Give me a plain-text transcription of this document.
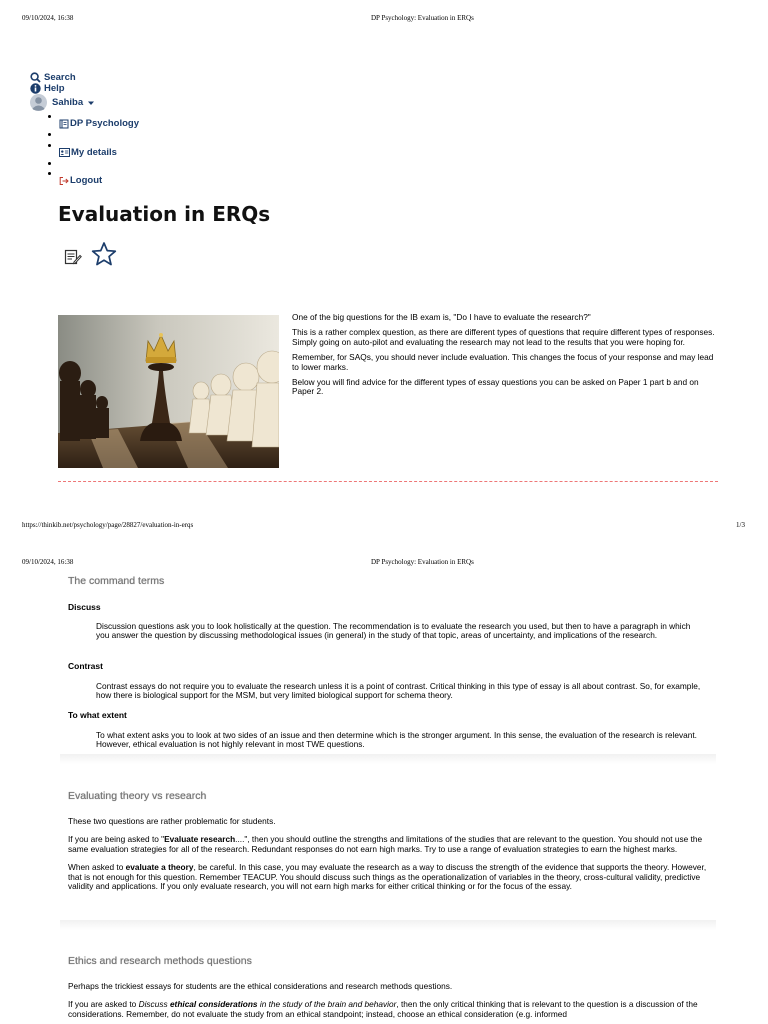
09/10/2024, 16:38	DP Psychology: Evaluation in ERQs
Search
Help
Sahiba
DP Psychology
My details
Logout
Evaluation in ERQs

One of the big questions for the IB exam is, "Do I have to evaluate the research?"

This is a rather complex question, as there are different types of questions that require different types of responses. Simply going on auto-pilot and evaluating the research may not lead to the results that you were hoping for.

Remember, for SAQs, you should never include evaluation. This changes the focus of your response and may lead to lower marks.

Below you will find advice for the different types of essay questions you can be asked on Paper 1 part b and on Paper 2.

https://thinkib.net/psychology/page/28827/evaluation-in-erqs	1/3
09/10/2024, 16:38	DP Psychology: Evaluation in ERQs
The command terms
Discuss
Discussion questions ask you to look holistically at the question. The recommendation is to evaluate the research you used, but then to have a paragraph in which you answer the question by discussing methodological issues (in general) in the study of that topic, areas of uncertainty, and implications of the research.
Contrast
Contrast essays do not require you to evaluate the research unless it is a point of contrast. Critical thinking in this type of essay is all about contrast. So, for example, how there is biological support for the MSM, but very limited biological support for schema theory.
To what extent
To what extent asks you to look at two sides of an issue and then determine which is the stronger argument. In this sense, the evaluation of the research is relevant. However, ethical evaluation is not highly relevant in most TWE questions.
Evaluating theory vs research

These two questions are rather problematic for students.

If you are being asked to "Evaluate research....", then you should outline the strengths and limitations of the studies that are relevant to the question. You should not use the same evaluation strategies for all of the research. Redundant responses do not earn high marks. Try to use a range of evaluation strategies to earn the highest marks.

When asked to evaluate a theory, be careful. In this case, you may evaluate the research as a way to discuss the strength of the evidence that supports the theory. However, that is not enough for this question. Remember TEACUP. You should discuss such things as the operationalization of variables in the theory, cross-cultural validity, predictive validity and applications. If you only evaluate research, you will not earn high marks for either critical thinking or for the focus of the essay.

Ethics and research methods questions

Perhaps the trickiest essays for students are the ethical considerations and research methods questions.

If you are asked to Discuss ethical considerations in the study of the brain and behavior, then the only critical thinking that is relevant to the question is a discussion of the considerations. Remember, do not evaluate the study from an ethical standpoint; instead, choose an ethical consideration (e.g. informed
